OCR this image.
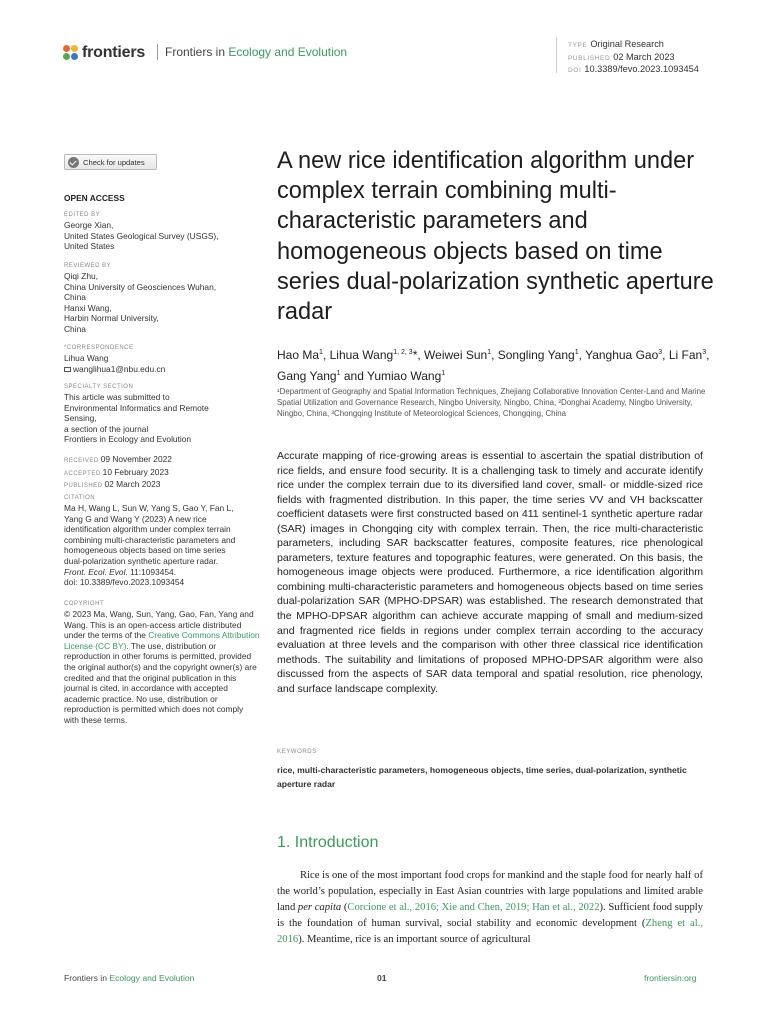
frontiers Frontiers in Ecology and Evolution	TYPE Original Research
PUBLISHED 02 March 2023
DOI 10.3389/fevo.2023.1093454
Check for updates
OPEN ACCESS
EDITED BY
George Xian,
United States Geological Survey (USGS),
United States
REVIEWED BY
Qiqi Zhu,
China University of Geosciences Wuhan,
China
Hanxi Wang,
Harbin Normal University,
China
*CORRESPONDENCE
Lihua Wang
wanglihua1@nbu.edu.cn
SPECIALTY SECTION
This article was submitted to
Environmental Informatics and Remote
Sensing,
a section of the journal
Frontiers in Ecology and Evolution
RECEIVED 09 November 2022
ACCEPTED 10 February 2023
PUBLISHED 02 March 2023
CITATION
Ma H, Wang L, Sun W, Yang S, Gao Y, Fan L,
Yang G and Wang Y (2023) A new rice
identification algorithm under complex terrain
combining multi-characteristic parameters and
homogeneous objects based on time series
dual-polarization synthetic aperture radar.
Front. Ecol. Evol. 11:1093454.
doi: 10.3389/fevo.2023.1093454
COPYRIGHT
© 2023 Ma, Wang, Sun, Yang, Gao, Fan, Yang and Wang. This is an open-access article distributed under the terms of the Creative Commons Attribution License (CC BY). The use, distribution or reproduction in other forums is permitted, provided the original author(s) and the copyright owner(s) are credited and that the original publication in this journal is cited, in accordance with accepted academic practice. No use, distribution or reproduction is permitted which does not comply with these terms.
A new rice identification algorithm under complex terrain combining multi-characteristic parameters and homogeneous objects based on time series dual-polarization synthetic aperture radar
Hao Ma$^1$, Lihua Wang$^{1, 2, 3}$*, Weiwei Sun$^1$, Songling Yang$^1$, Yanghua Gao$^3$, Li Fan$^3$, Gang Yang$^1$ and Yumiao Wang$^1$
¹Department of Geography and Spatial Information Techniques, Zhejiang Collaborative Innovation Center-Land and Marine Spatial Utilization and Governance Research, Ningbo University, Ningbo, China, ²Donghai Academy, Ningbo University, Ningbo, China, ³Chongqing Institute of Meteorological Sciences, Chongqing, China
Accurate mapping of rice-growing areas is essential to ascertain the spatial distribution of rice fields, and ensure food security. It is a challenging task to timely and accurate identify rice under the complex terrain due to its diversified land cover, small- or middle-sized rice fields with fragmented distribution. In this paper, the time series VV and VH backscatter coefficient datasets were first constructed based on 411 sentinel-1 synthetic aperture radar (SAR) images in Chongqing city with complex terrain. Then, the rice multi-characteristic parameters, including SAR backscatter features, composite features, rice phenological parameters, texture features and topographic features, were generated. On this basis, the homogeneous image objects were produced. Furthermore, a rice identification algorithm combining multi-characteristic parameters and homogeneous objects based on time series dual-polarization SAR (MPHO-DPSAR) was established. The research demonstrated that the MPHO-DPSAR algorithm can achieve accurate mapping of small and medium-sized and fragmented rice fields in regions under complex terrain according to the accuracy evaluation at three levels and the comparison with other three classical rice identification methods. The suitability and limitations of proposed MPHO-DPSAR algorithm were also discussed from the aspects of SAR data temporal and spatial resolution, rice phenology, and surface landscape complexity.
KEYWORDS
rice, multi-characteristic parameters, homogeneous objects, time series, dual-polarization, synthetic aperture radar
1. Introduction

Rice is one of the most important food crops for mankind and the staple food for nearly half of the world’s population, especially in East Asian countries with large populations and limited arable land per capita (Corcione et al., 2016; Xie and Chen, 2019; Han et al., 2022). Sufficient food supply is the foundation of human survival, social stability and economic development (Zheng et al., 2016). Meantime, rice is an important source of agricultural

Frontiers in Ecology and Evolution	01	frontiersin.org
